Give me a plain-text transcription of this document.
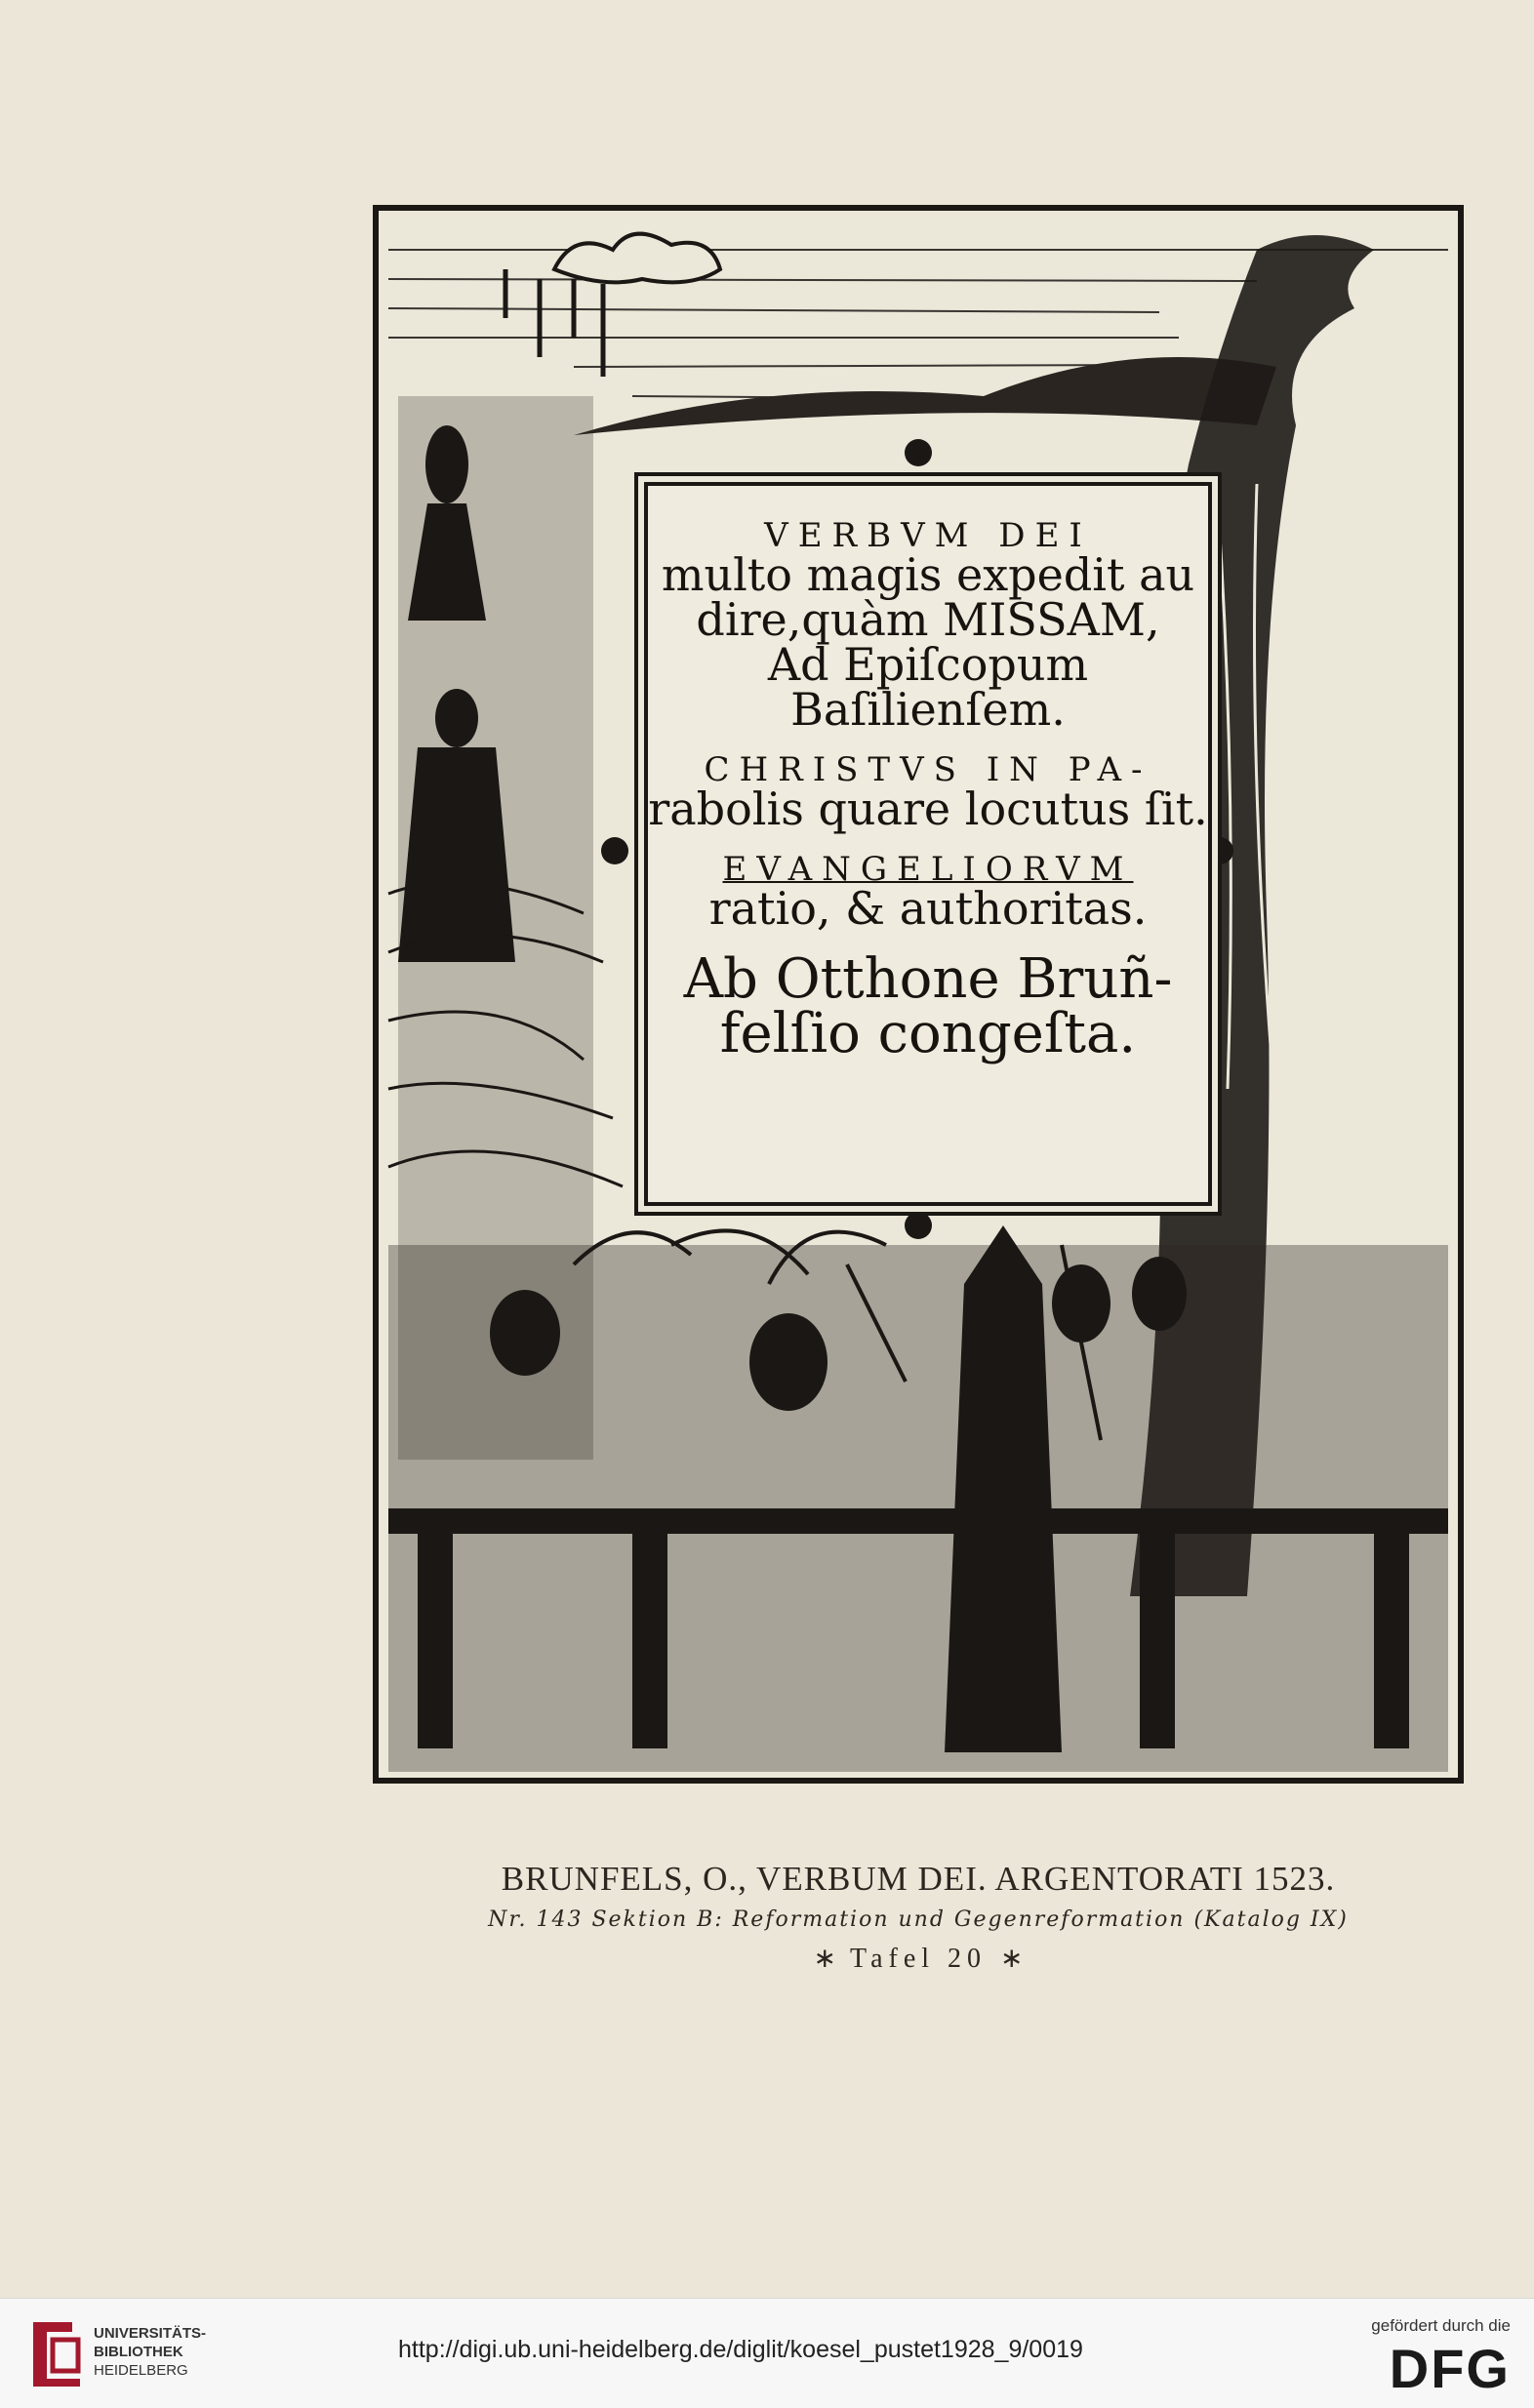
VERBVM DEI
multo magis expedit au
dire,quàm MISSAM,
Ad Epiſcopum
Baſilienſem.
CHRISTVS IN PA-
rabolis quare locutus ſit.
EVANGELIORVM
ratio, & authoritas.
Ab Otthone Bruñ-
felſio congeſta.
BRUNFELS, O., VERBUM DEI. ARGENTORATI 1523.
Nr. 143 Sektion B: Reformation und Gegenreformation (Katalog IX)
∗ Tafel 20 ∗
UNIVERSITÄTS-
BIBLIOTHEK
HEIDELBERG
http://digi.ub.uni-heidelberg.de/diglit/koesel_pustet1928_9/0019
gefördert durch die
DFG
